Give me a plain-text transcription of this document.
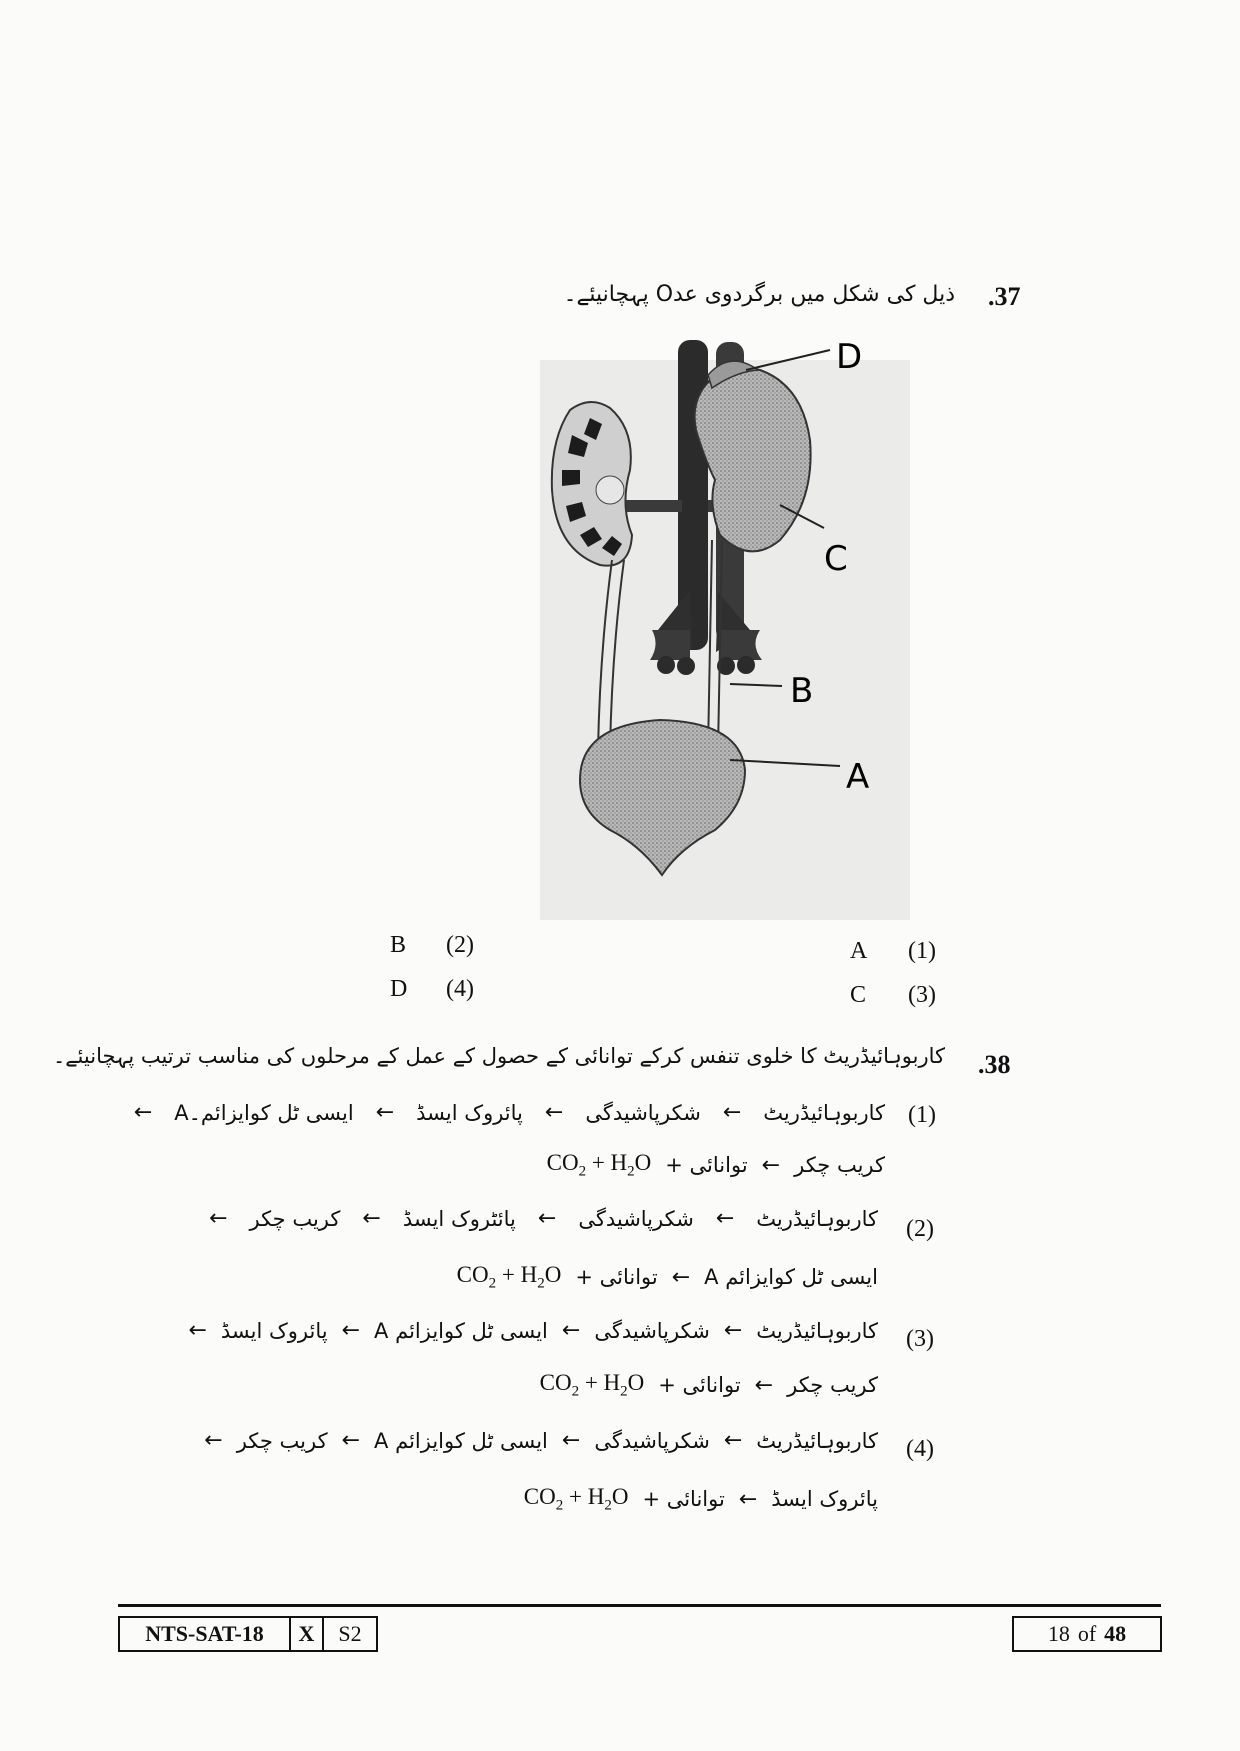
.37
ذیل کی شکل میں برگردوی عدO پہچانیئے۔
D
C
B
A
(1)
A
(2)
B
(3)
C
(4)
D
.38
کاربوہائیڈریٹ کا خلوی تنفس کرکے توانائی کے حصول کے عمل کے مرحلوں کی مناسب ترتیب پہچانیئے۔
(1)
کاربوہائیڈریٹ
←
شکرپاشیدگی
←
پائروک ایسڈ
←
ایسی ٹل کوایزائم۔A
←
کریب چکر
←
توانائی +
$CO_2 + H_2O$
(2)
کاربوہائیڈریٹ
←
شکرپاشیدگی
←
پائٹروک ایسڈ
←
کریب چکر
←
ایسی ٹل کوایزائم A
←
توانائی +
$CO_2 + H_2O$
(3)
کاربوہائیڈریٹ
←
شکرپاشیدگی
←
ایسی ٹل کوایزائم A
←
پائروک ایسڈ
←
کریب چکر
←
توانائی +
$CO_2 + H_2O$
(4)
کاربوہائیڈریٹ
←
شکرپاشیدگی
←
ایسی ٹل کوایزائم A
←
کریب چکر
←
پائروک ایسڈ
←
توانائی +
$CO_2 + H_2O$
NTS-SAT-18	X	S2	18 of 48
